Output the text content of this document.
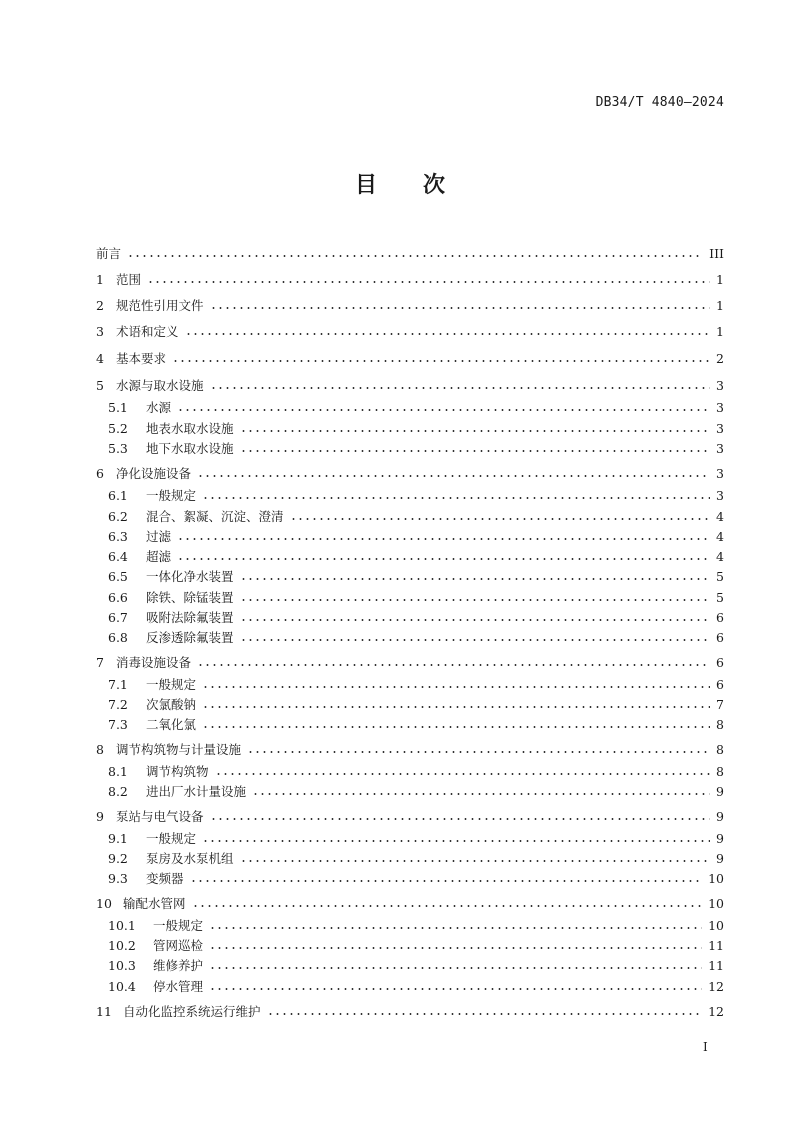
DB34/T 4840—2024
目 次
前言	III
1 范围	1
2 规范性引用文件	1
3 术语和定义	1
4 基本要求	2
5 水源与取水设施	3
5.1	水源	3
5.2	地表水取水设施	3
5.3	地下水取水设施	3
6 净化设施设备	3
6.1	一般规定	3
6.2	混合、絮凝、沉淀、澄清	4
6.3	过滤	4
6.4	超滤	4
6.5	一体化净水装置	5
6.6	除铁、除锰装置	5
6.7	吸附法除氟装置	6
6.8	反渗透除氟装置	6
7 消毒设施设备	6
7.1	一般规定	6
7.2	次氯酸钠	7
7.3	二氧化氯	8
8 调节构筑物与计量设施	8
8.1	调节构筑物	8
8.2	进出厂水计量设施	9
9 泵站与电气设备	9
9.1	一般规定	9
9.2	泵房及水泵机组	9
9.3	变频器	10
10 输配水管网	10
10.1	一般规定	10
10.2	管网巡检	11
10.3	维修养护	11
10.4	停水管理	12
11 自动化监控系统运行维护	12
I
